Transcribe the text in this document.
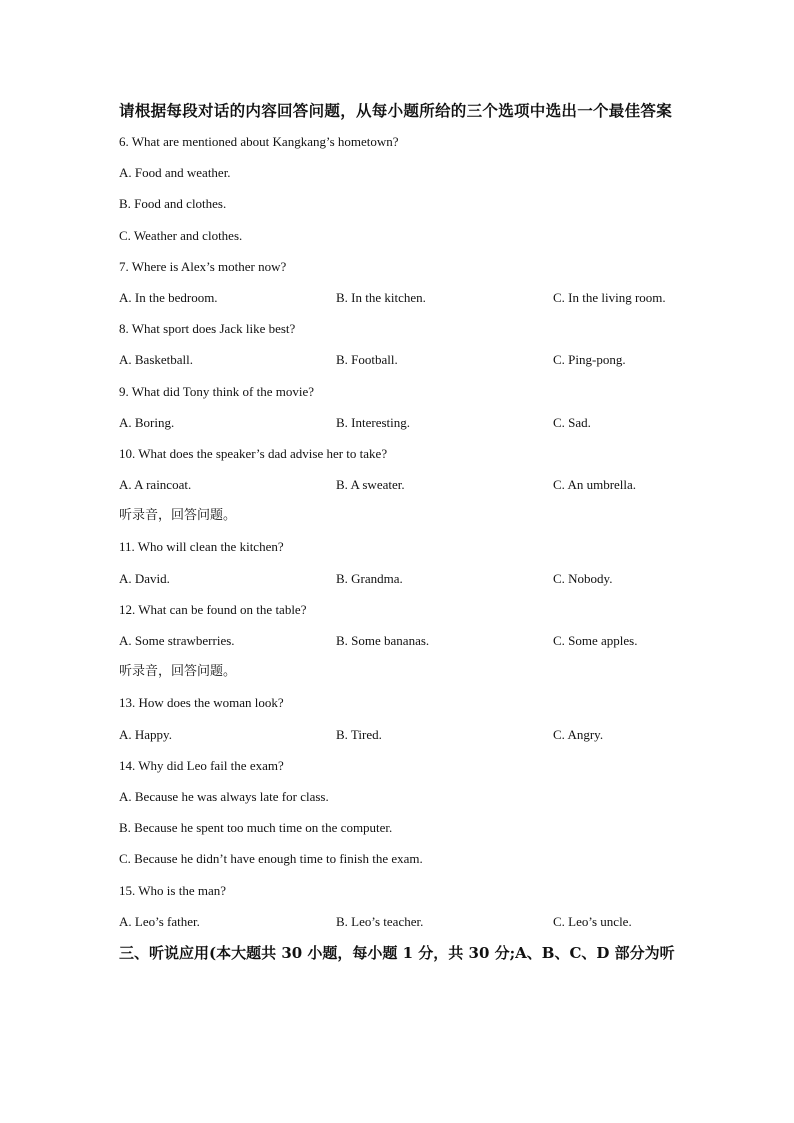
请根据每段对话的内容回答问题，从每小题所给的三个选项中选出一个最佳答案

6. What are mentioned about Kangkang’s hometown?
A. Food and weather.
B. Food and clothes.
C. Weather and clothes.
7. Where is Alex’s mother now?
A. In the bedroom.	B. In the kitchen.	C. In the living room.
8. What sport does Jack like best?
A. Basketball.	B. Football.	C. Ping-pong.
9. What did Tony think of the movie?
A. Boring.	B. Interesting.	C. Sad.
10. What does the speaker’s dad advise her to take?
A. A raincoat.	B. A sweater.	C. An umbrella.
听录音，回答问题。
11. Who will clean the kitchen?
A. David.	B. Grandma.	C. Nobody.
12. What can be found on the table?
A. Some strawberries.	B. Some bananas.	C. Some apples.
听录音，回答问题。
13. How does the woman look?
A. Happy.	B. Tired.	C. Angry.
14. Why did Leo fail the exam?
A. Because he was always late for class.
B. Because he spent too much time on the computer.
C. Because he didn’t have enough time to finish the exam.
15. Who is the man?
A. Leo’s father.	B. Leo’s teacher.	C. Leo’s uncle.
三、听说应用(本大题共 30 小题，每小题 1 分，共 30 分;A、B、C、D 部分为听
